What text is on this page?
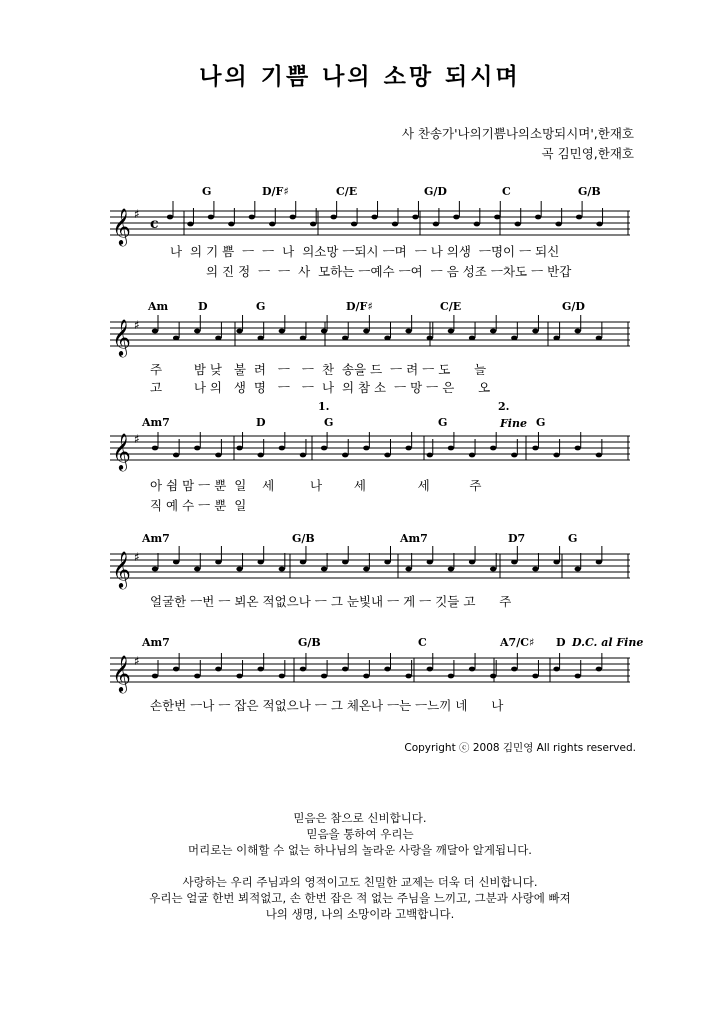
나의 기쁨 나의 소망 되시며
사 찬송가'나의기쁨나의소망되시며',한재호
곡 김민영,한재호
G	D/F♯	C/E	G/D	C	G/B
𝄞 ♯
c
나  의 기 쁨  ㅡ  ㅡ  나  의소망 ㅡ되시 ㅡ며  ㅡ 나 의생  ㅡ명이 ㅡ 되신
의 진 정  ㅡ  ㅡ  사  모하는 ㅡ예수 ㅡ여  ㅡ 음 성조 ㅡ차도 ㅡ 반갑
Am	D	G	D/F♯	C/E	G/D
𝄞 ♯
주        밤 낮   불  려   ㅡ   ㅡ  찬  송을 드  ㅡ 려 ㅡ 도      늘
고        나 의   생  명   ㅡ   ㅡ  나  의 참 소  ㅡ 망 ㅡ 은      오
1.	2.
Am7	D	G	G	G
Fine
𝄞 ♯
아 쉼 맘 ㅡ 뿐  일    세         나        세             세          주
직 예 수 ㅡ 뿐  일
Am7	G/B	Am7	D7	G
𝄞 ♯
얼굴한 ㅡ번 ㅡ 뵈온 적없으나 ㅡ 그 눈빛내 ㅡ 게 ㅡ 깃들 고      주
Am7	G/B	C	A7/C♯ D D.C. al Fine
𝄞 ♯
손한번 ㅡ나 ㅡ 잡은 적없으나 ㅡ 그 체온나 ㅡ는 ㅡ느끼 네      나
Copyright ⓒ 2008 김민영 All rights reserved.

믿음은 참으로 신비합니다.

믿음을 통하여 우리는

머리로는 이해할 수 없는 하나님의 놀라운 사랑을 깨달아 알게됩니다.

사랑하는 우리 주님과의 영적이고도 친밀한 교제는 더욱 더 신비합니다.

우리는 얼굴 한번 뵈적없고, 손 한번 잡은 적 없는 주님을 느끼고, 그분과 사랑에 빠져

나의 생명, 나의 소망이라 고백합니다.
